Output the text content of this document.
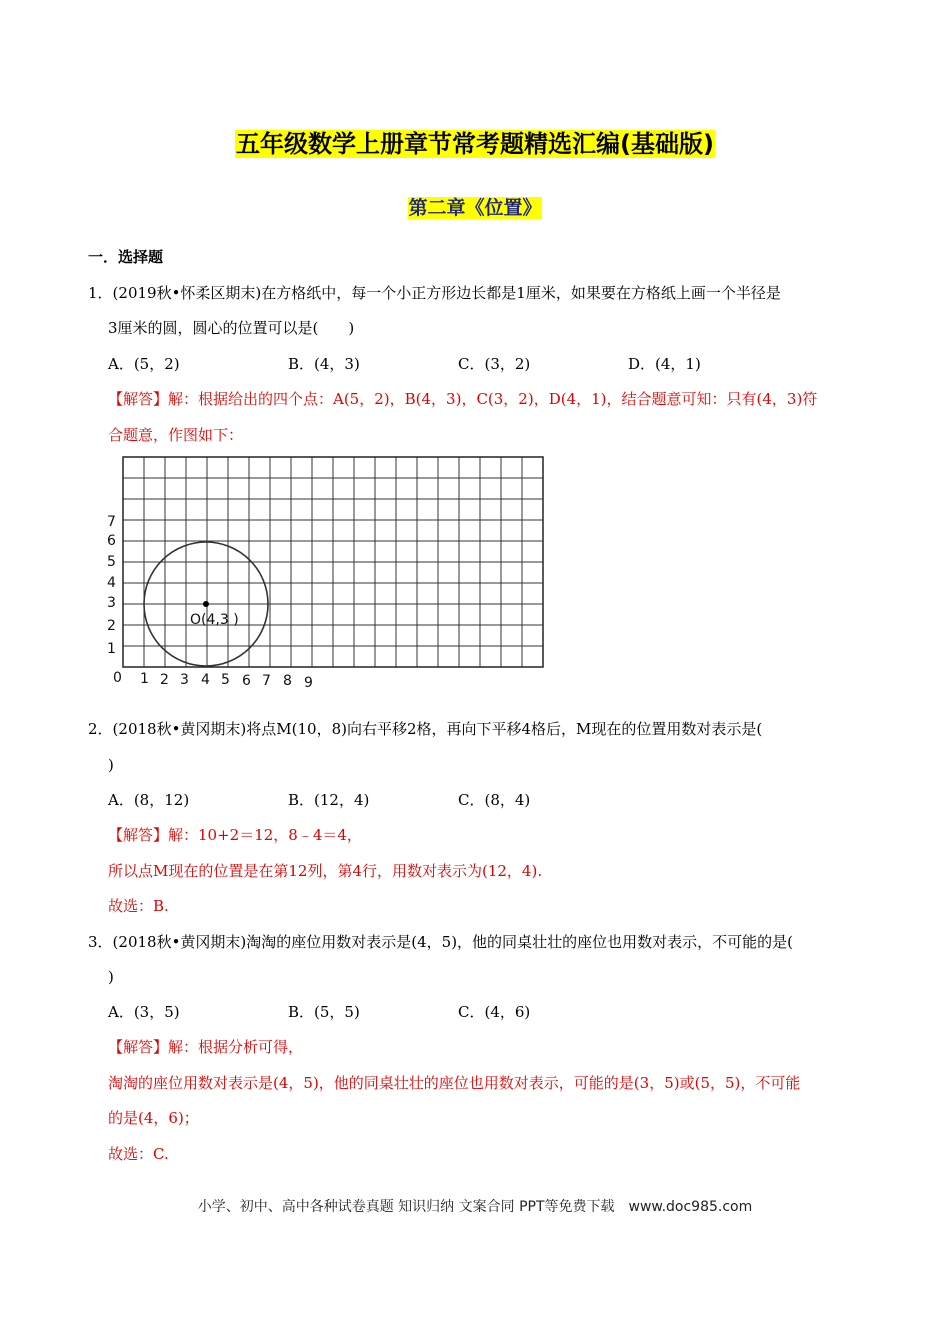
五年级数学上册章节常考题精选汇编(基础版)
第二章《位置》
一．选择题
1．(2019秋•怀柔区期末)在方格纸中，每一个小正方形边长都是1厘米，如果要在方格纸上画一个半径是
3厘米的圆，圆心的位置可以是(　　)
A．(5，2)	B．(4，3)	C．(3，2)	D．(4，1)
【解答】解：根据给出的四个点：A(5，2)，B(4，3)，C(3，2)，D(4，1)，结合题意可知：只有(4，3)符
合题意，作图如下：
O(4,3 )
7
6
5
4
3
2
1
0 1 2 3 4 5 6 7 8 9
2．(2018秋•黄冈期末)将点M(10，8)向右平移2格，再向下平移4格后，M现在的位置用数对表示是(
)
A．(8，12)	B．(12，4)	C．(8，4)
【解答】解：10+2＝12，8﹣4＝4，
所以点M现在的位置是在第12列，第4行，用数对表示为(12，4).
故选：B.
3．(2018秋•黄冈期末)淘淘的座位用数对表示是(4，5)，他的同桌壮壮的座位也用数对表示，不可能的是(
)
A．(3，5)	B．(5，5)	C．(4，6)
【解答】解：根据分析可得，
淘淘的座位用数对表示是(4，5)，他的同桌壮壮的座位也用数对表示，可能的是(3，5)或(5，5)，不可能
的是(4，6)；
故选：C.
小学、初中、高中各种试卷真题 知识归纳 文案合同 PPT等免费下载　www.doc985.com
